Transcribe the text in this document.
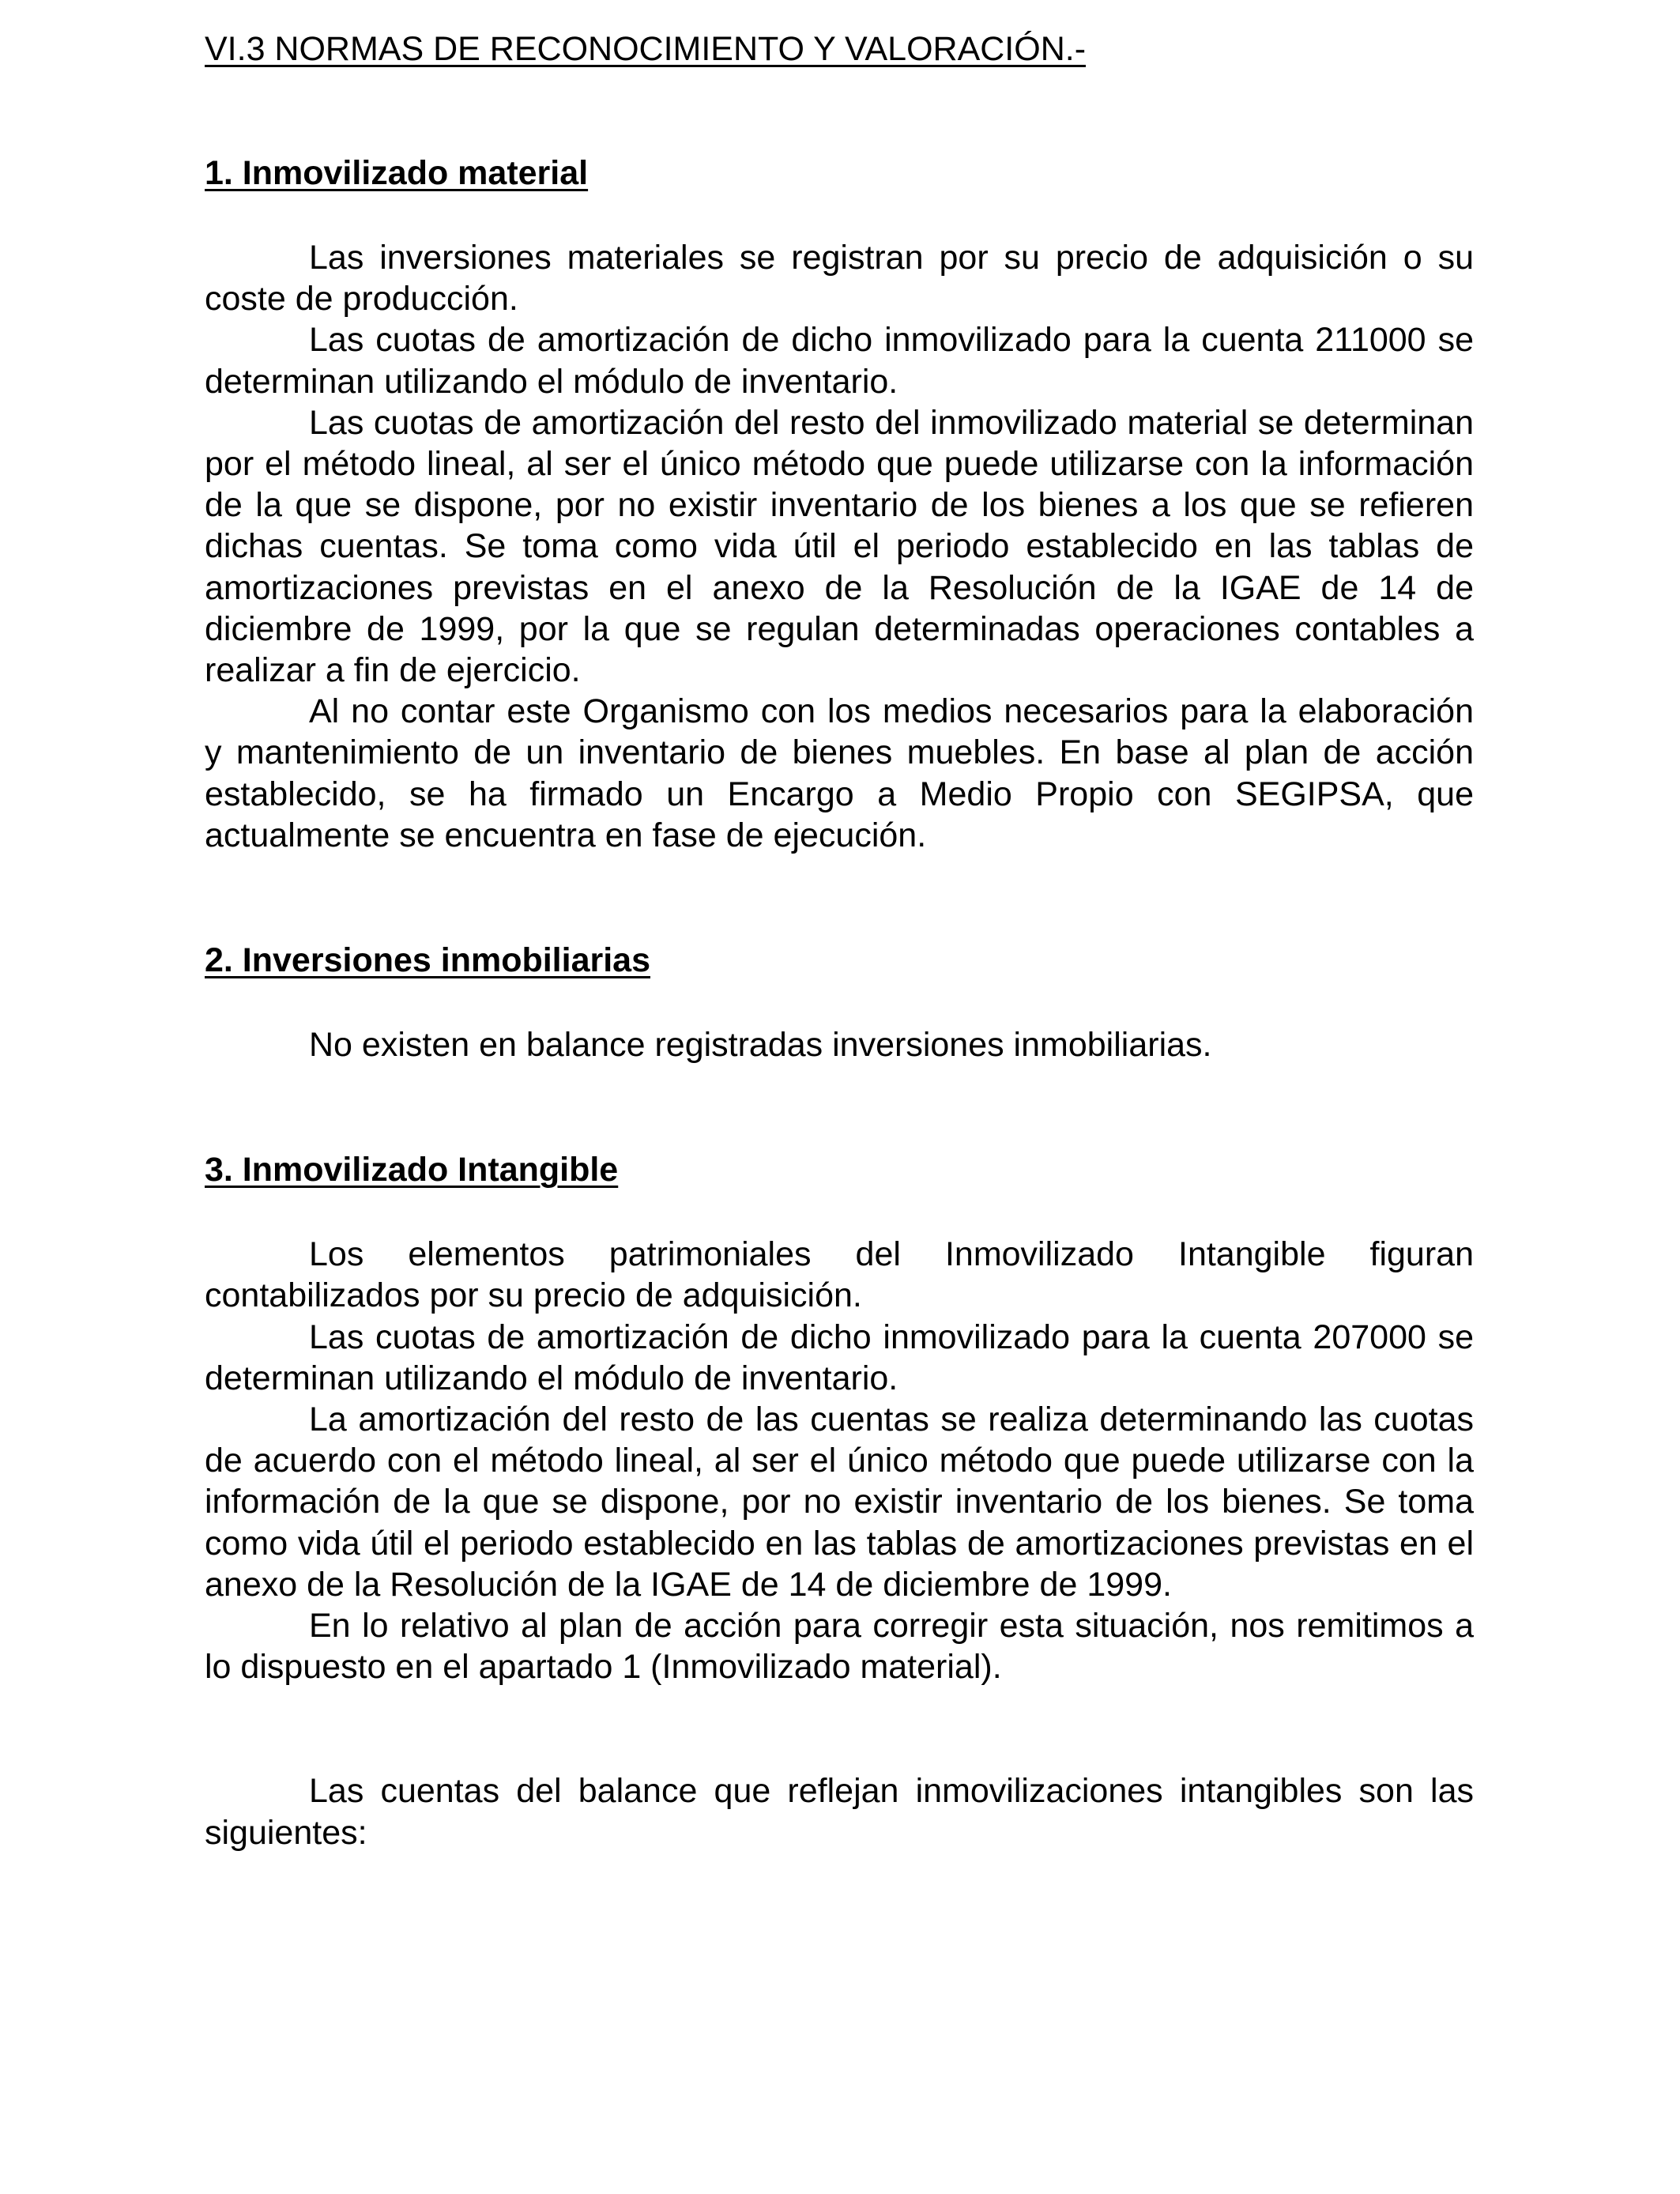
VI.3 NORMAS DE RECONOCIMIENTO Y VALORACIÓN.-
1. Inmovilizado material

Las inversiones materiales se registran por su precio de adquisición o su coste de producción.

Las cuotas de amortización de dicho inmovilizado para la cuenta 211000 se determinan utilizando el módulo de inventario.

Las cuotas de amortización del resto del inmovilizado material se determinan por el método lineal, al ser el único método que puede utilizarse con la información de la que se dispone, por no existir inventario de los bienes a los que se refieren dichas cuentas. Se toma como vida útil el periodo establecido en las tablas de amortizaciones previstas en el anexo de la Resolución de la IGAE de 14 de diciembre de 1999, por la que se regulan determinadas operaciones contables a realizar a fin de ejercicio.

Al no contar este Organismo con los medios necesarios para la elaboración y mantenimiento de un inventario de bienes muebles. En base al plan de acción establecido, se ha firmado un Encargo a Medio Propio con SEGIPSA, que actualmente se encuentra en fase de ejecución.

2. Inversiones inmobiliarias

No existen en balance registradas inversiones inmobiliarias.

3. Inmovilizado Intangible

Los elementos patrimoniales del Inmovilizado Intangible figuran contabilizados por su precio de adquisición.

Las cuotas de amortización de dicho inmovilizado para la cuenta 207000 se determinan utilizando el módulo de inventario.

La amortización del resto de las cuentas se realiza determinando las cuotas de acuerdo con el método lineal, al ser el único método que puede utilizarse con la información de la que se dispone, por no existir inventario de los bienes. Se toma como vida útil el periodo establecido en las tablas de amortizaciones previstas en el anexo de la Resolución de la IGAE de 14 de diciembre de 1999.

En lo relativo al plan de acción para corregir esta situación, nos remitimos a lo dispuesto en el apartado 1 (Inmovilizado material).

Las cuentas del balance que reflejan inmovilizaciones intangibles son las siguientes:
